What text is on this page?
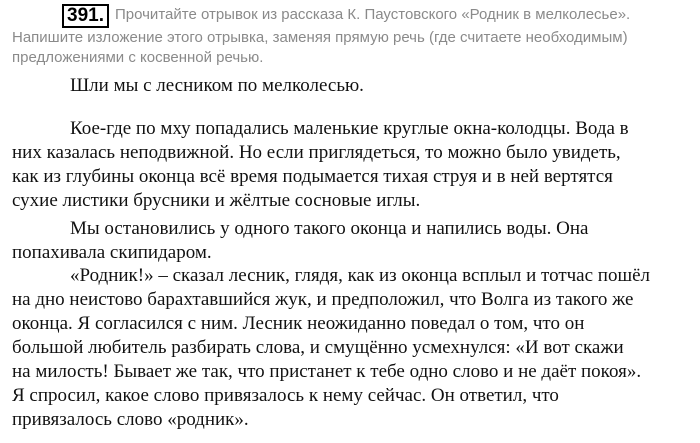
391. Прочитайте отрывок из рассказа К. Паустовского «Родник в мелколесье».
Напишите изложение этого отрывка, заменяя прямую речь (где считаете необходимым)
предложениями с косвенной речью.
Шли мы с лесником по мелколесью.
Кое-где по мху попадались маленькие круглые окна-колодцы. Вода в
них казалась неподвижной. Но если приглядеться, то можно было увидеть,
как из глубины оконца всё время подымается тихая струя и в ней вертятся
сухие листики брусники и жёлтые сосновые иглы.
Мы остановились у одного такого оконца и напились воды. Она
попахивала скипидаром.
«Родник!» – сказал лесник, глядя, как из оконца всплыл и тотчас пошёл
на дно неистово барахтавшийся жук, и предположил, что Волга из такого же
оконца. Я согласился с ним. Лесник неожиданно поведал о том, что он
большой любитель разбирать слова, и смущённо усмехнулся: «И вот скажи
на милость! Бывает же так, что пристанет к тебе одно слово и не даёт покоя».
Я спросил, какое слово привязалось к нему сейчас. Он ответил, что
привязалось слово «родник».
